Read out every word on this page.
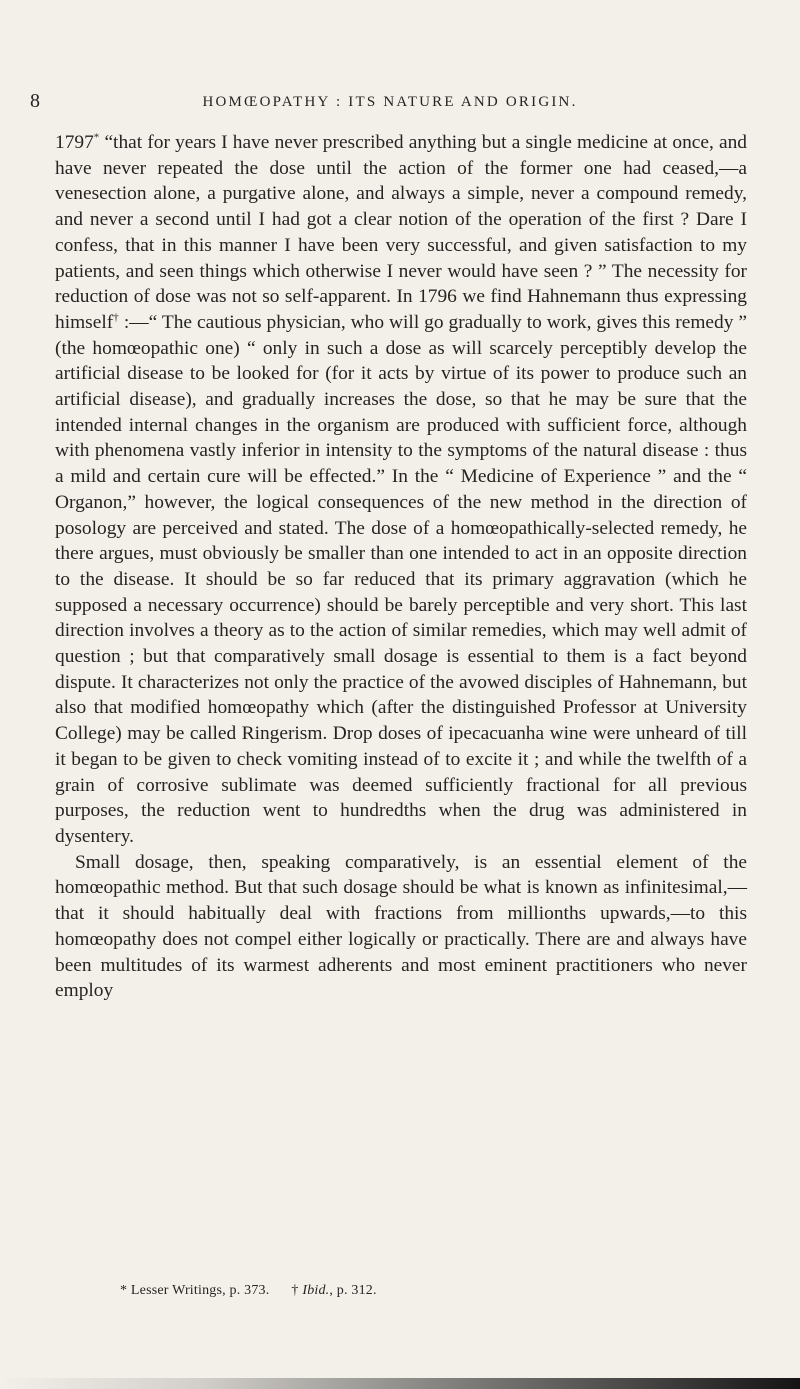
8	HOMŒOPATHY : ITS NATURE AND ORIGIN.

1797* “that for years I have never prescribed anything but a single medicine at once, and have never repeated the dose until the action of the former one had ceased,—a venesection alone, a purgative alone, and always a simple, never a compound remedy, and never a second until I had got a clear notion of the operation of the first ? Dare I confess, that in this manner I have been very successful, and given satisfaction to my patients, and seen things which otherwise I never would have seen ? ” The necessity for reduction of dose was not so self-apparent. In 1796 we find Hahnemann thus expressing himself† :—“ The cautious physician, who will go gradually to work, gives this remedy ” (the homœopathic one) “ only in such a dose as will scarcely perceptibly develop the artificial disease to be looked for (for it acts by virtue of its power to produce such an artificial disease), and gradually increases the dose, so that he may be sure that the intended internal changes in the organism are produced with sufficient force, although with phenomena vastly inferior in intensity to the symptoms of the natural disease : thus a mild and certain cure will be effected.” In the “ Medicine of Experience ” and the “ Organon,” however, the logical consequences of the new method in the direction of posology are perceived and stated. The dose of a homœopathically-selected remedy, he there argues, must obviously be smaller than one intended to act in an opposite direction to the disease. It should be so far reduced that its primary aggravation (which he supposed a necessary occurrence) should be barely perceptible and very short. This last direction involves a theory as to the action of similar remedies, which may well admit of question ; but that comparatively small dosage is essential to them is a fact beyond dispute. It characterizes not only the practice of the avowed disciples of Hahnemann, but also that modified homœopathy which (after the distinguished Professor at University College) may be called Ringerism. Drop doses of ipecacuanha wine were unheard of till it began to be given to check vomiting instead of to excite it ; and while the twelfth of a grain of corrosive sublimate was deemed sufficiently fractional for all previous purposes, the reduction went to hundredths when the drug was administered in dysentery.

Small dosage, then, speaking comparatively, is an essential element of the homœopathic method. But that such dosage should be what is known as infinitesimal,—that it should habitually deal with fractions from millionths upwards,—to this homœopathy does not compel either logically or practically. There are and always have been multitudes of its warmest adherents and most eminent practitioners who never employ

* Lesser Writings, p. 373. † Ibid., p. 312.
